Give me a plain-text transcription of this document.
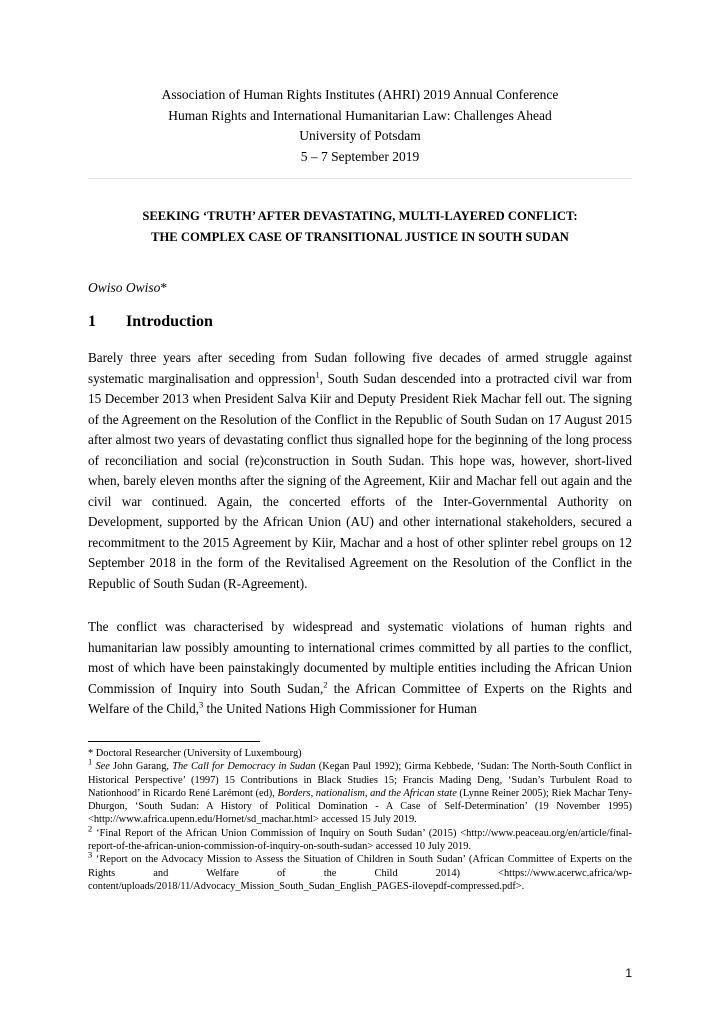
Association of Human Rights Institutes (AHRI) 2019 Annual Conference
Human Rights and International Humanitarian Law: Challenges Ahead
University of Potsdam
5 – 7 September 2019
SEEKING ‘TRUTH’ AFTER DEVASTATING, MULTI-LAYERED CONFLICT:
THE COMPLEX CASE OF TRANSITIONAL JUSTICE IN SOUTH SUDAN
Owiso Owiso*
1 Introduction

Barely three years after seceding from Sudan following five decades of armed struggle against systematic marginalisation and oppression$^1$, South Sudan descended into a protracted civil war from 15 December 2013 when President Salva Kiir and Deputy President Riek Machar fell out. The signing of the Agreement on the Resolution of the Conflict in the Republic of South Sudan on 17 August 2015 after almost two years of devastating conflict thus signalled hope for the beginning of the long process of reconciliation and social (re)construction in South Sudan. This hope was, however, short-lived when, barely eleven months after the signing of the Agreement, Kiir and Machar fell out again and the civil war continued. Again, the concerted efforts of the Inter-Governmental Authority on Development, supported by the African Union (AU) and other international stakeholders, secured a recommitment to the 2015 Agreement by Kiir, Machar and a host of other splinter rebel groups on 12 September 2018 in the form of the Revitalised Agreement on the Resolution of the Conflict in the Republic of South Sudan (R-Agreement).

The conflict was characterised by widespread and systematic violations of human rights and humanitarian law possibly amounting to international crimes committed by all parties to the conflict, most of which have been painstakingly documented by multiple entities including the African Union Commission of Inquiry into South Sudan,$^2$ the African Committee of Experts on the Rights and Welfare of the Child,$^3$ the United Nations High Commissioner for Human

* Doctoral Researcher (University of Luxembourg)

$^1$ See John Garang, The Call for Democracy in Sudan (Kegan Paul 1992); Girma Kebbede, ‘Sudan: The North-South Conflict in Historical Perspective’ (1997) 15 Contributions in Black Studies 15; Francis Mading Deng, ‘Sudan’s Turbulent Road to Nationhood’ in Ricardo René Larémont (ed), Borders, nationalism, and the African state (Lynne Reiner 2005); Riek Machar Teny-Dhurgon, ‘South Sudan: A History of Political Domination - A Case of Self-Determination’ (19 November 1995) <http://www.africa.upenn.edu/Hornet/sd_machar.html> accessed 15 July 2019.

$^2$ ‘Final Report of the African Union Commission of Inquiry on South Sudan’ (2015) <http://www.peaceau.org/en/article/final-report-of-the-african-union-commission-of-inquiry-on-south-sudan> accessed 10 July 2019.

$^3$ ‘Report on the Advocacy Mission to Assess the Situation of Children in South Sudan’ (African Committee of Experts on the Rights and Welfare of the Child 2014) <https://www.acerwc.africa/wp-content/uploads/2018/11/Advocacy_Mission_South_Sudan_English_PAGES-ilovepdf-compressed.pdf>.

1
